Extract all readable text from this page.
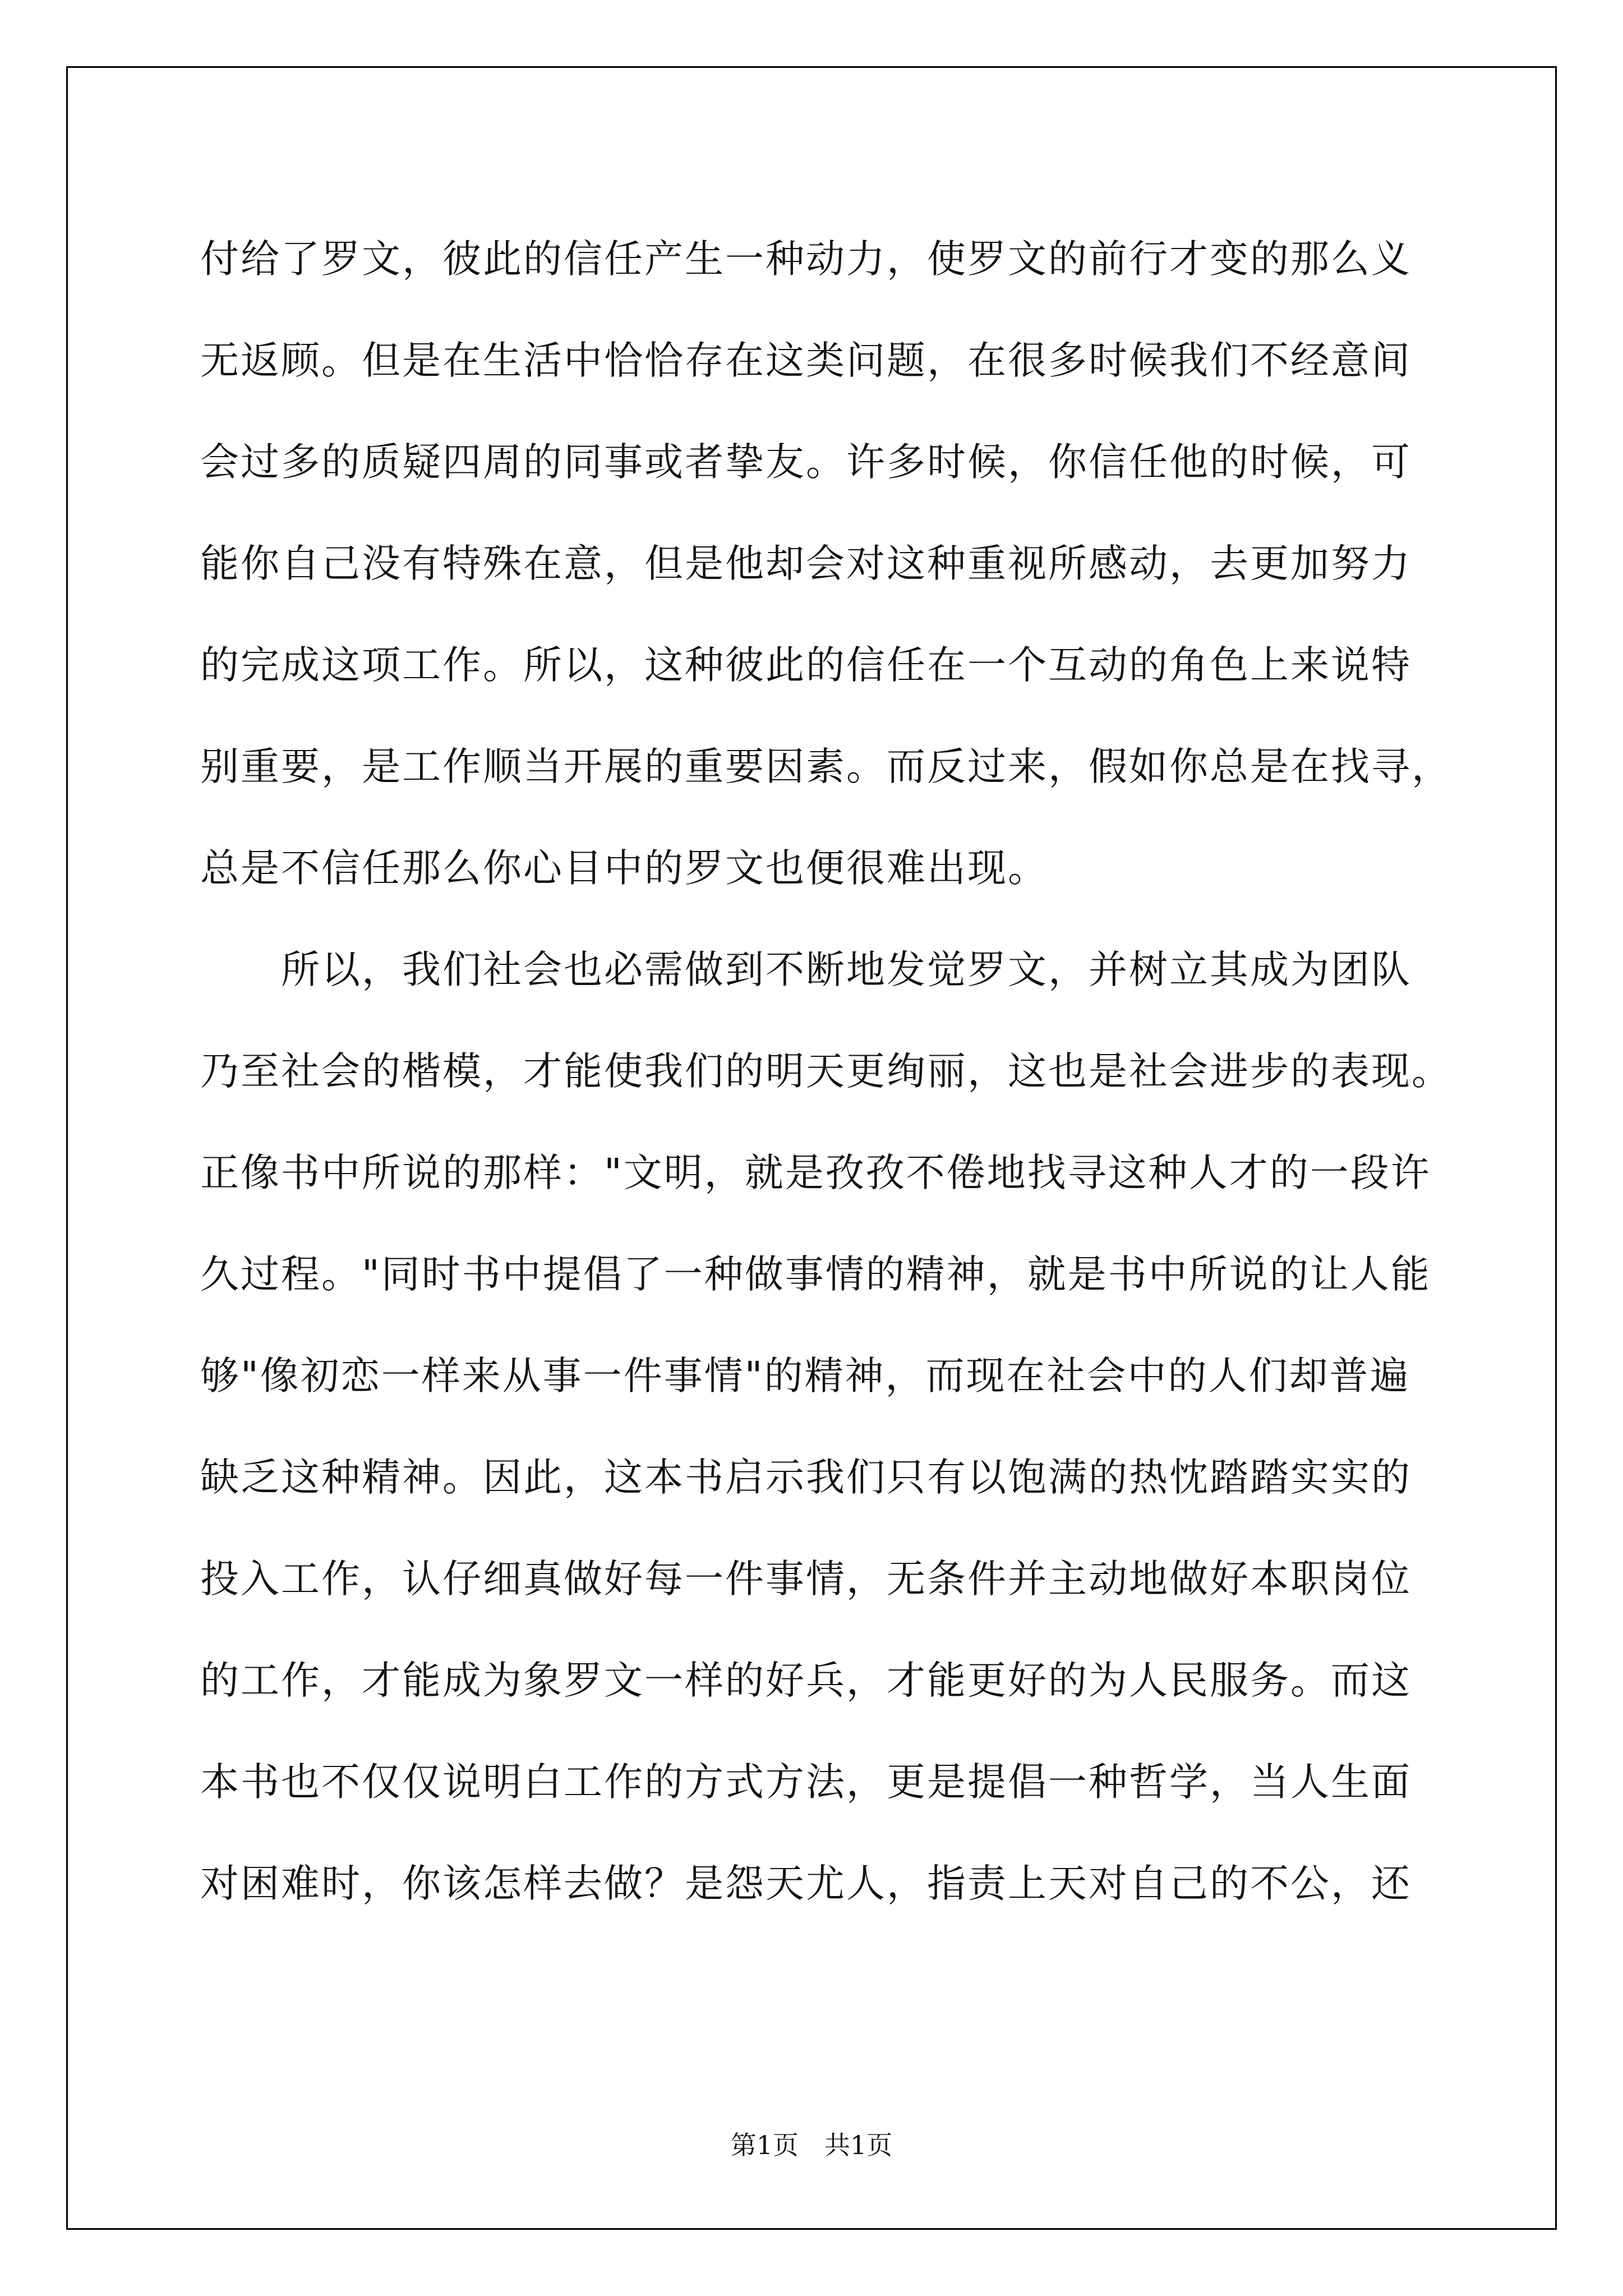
付给了罗文，彼此的信任产生一种动力，使罗文的前行才变的那么义
无返顾。但是在生活中恰恰存在这类问题，在很多时候我们不经意间
会过多的质疑四周的同事或者挚友。许多时候，你信任他的时候，可
能你自己没有特殊在意，但是他却会对这种重视所感动，去更加努力
的完成这项工作。所以，这种彼此的信任在一个互动的角色上来说特
别重要，是工作顺当开展的重要因素。而反过来，假如你总是在找寻，
总是不信任那么你心目中的罗文也便很难出现。
　　所以，我们社会也必需做到不断地发觉罗文，并树立其成为团队
乃至社会的楷模，才能使我们的明天更绚丽，这也是社会进步的表现。
正像书中所说的那样："文明，就是孜孜不倦地找寻这种人才的一段许
久过程。"同时书中提倡了一种做事情的精神，就是书中所说的让人能
够"像初恋一样来从事一件事情"的精神，而现在社会中的人们却普遍
缺乏这种精神。因此，这本书启示我们只有以饱满的热忱踏踏实实的
投入工作，认仔细真做好每一件事情，无条件并主动地做好本职岗位
的工作，才能成为象罗文一样的好兵，才能更好的为人民服务。而这
本书也不仅仅说明白工作的方式方法，更是提倡一种哲学，当人生面
对困难时，你该怎样去做？是怨天尤人，指责上天对自己的不公，还
第1页　共1页
